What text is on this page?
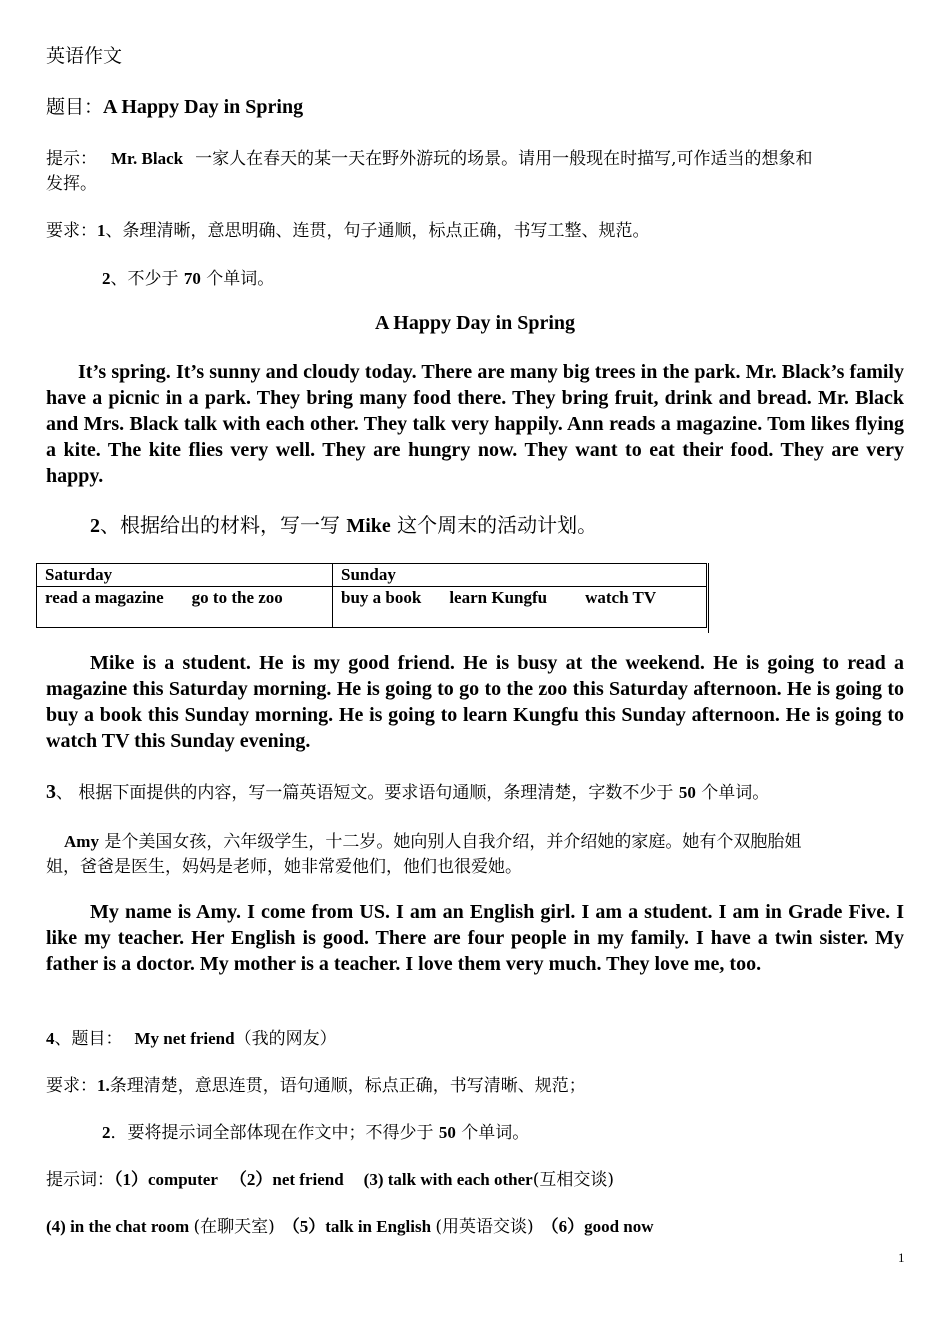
英语作文
题目：A Happy Day in Spring
提示： Mr. Black 一家人在春天的某一天在野外游玩的场景。请用一般现在时描写,可作适当的想象和
发挥。
要求：1、条理清晰，意思明确、连贯，句子通顺，标点正确，书写工整、规范。
2、不少于 70 个单词。
A Happy Day in Spring
It’s spring. It’s sunny and cloudy today. There are many big trees in the park. Mr. Black’s family have a picnic in a park. They bring many food there. They bring fruit, drink and bread. Mr. Black and Mrs. Black talk with each other. They talk very happily. Ann reads a magazine. Tom likes flying a kite. The kite flies very well. They are hungry now. They want to eat their food. They are very happy.
2、根据给出的材料，写一写 Mike 这个周末的活动计划。
Saturday	Sunday
read a magazine go to the zoo	buy a book learn Kungfu watch TV
Mike is a student. He is my good friend. He is busy at the weekend. He is going to read a magazine this Saturday morning. He is going to go to the zoo this Saturday afternoon. He is going to buy a book this Sunday morning. He is going to learn Kungfu this Sunday afternoon. He is going to watch TV this Sunday evening.
3、 根据下面提供的内容，写一篇英语短文。要求语句通顺，条理清楚，字数不少于 50 个单词。
Amy 是个美国女孩，六年级学生，十二岁。她向别人自我介绍，并介绍她的家庭。她有个双胞胎姐
姐，爸爸是医生，妈妈是老师，她非常爱他们，他们也很爱她。
My name is Amy. I come from US. I am an English girl. I am a student. I am in Grade Five. I like my teacher. Her English is good. There are four people in my family. I have a twin sister. My father is a doctor. My mother is a teacher. I love them very much. They love me, too.
4、题目： My net friend（我的网友）
要求：1.条理清楚，意思连贯，语句通顺，标点正确，书写清晰、规范；
2．要将提示词全部体现在作文中；不得少于 50 个单词。
提示词：（1）computer （2）net friend (3) talk with each other(互相交谈)
(4) in the chat room (在聊天室) （5）talk in English (用英语交谈) （6）good now
1
